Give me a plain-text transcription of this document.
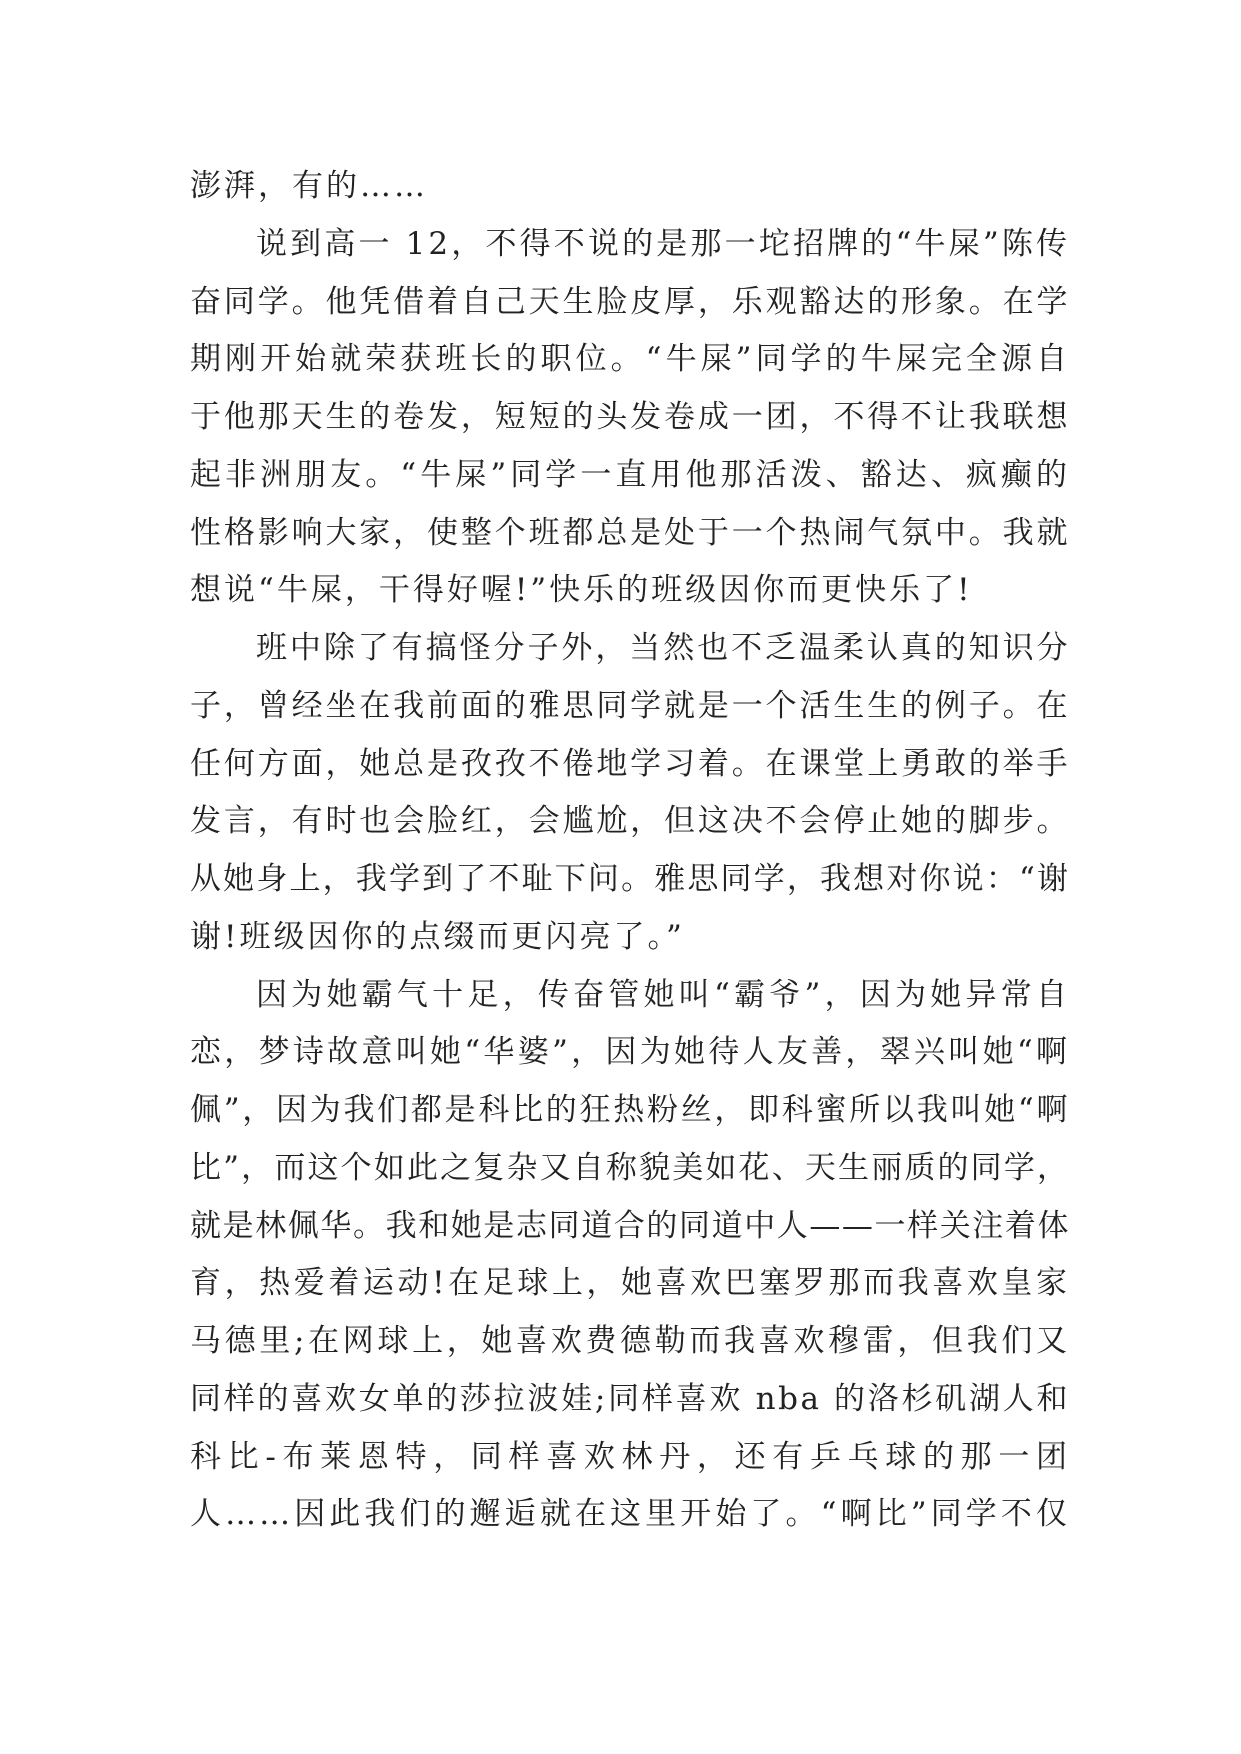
澎湃，有的……
说到高一 12，不得不说的是那一坨招牌的“牛屎”陈传
奋同学。他凭借着自己天生脸皮厚，乐观豁达的形象。在学
期刚开始就荣获班长的职位。“牛屎”同学的牛屎完全源自
于他那天生的卷发，短短的头发卷成一团，不得不让我联想
起非洲朋友。“牛屎”同学一直用他那活泼、豁达、疯癫的
性格影响大家，使整个班都总是处于一个热闹气氛中。我就
想说“牛屎，干得好喔!”快乐的班级因你而更快乐了!
班中除了有搞怪分子外，当然也不乏温柔认真的知识分
子，曾经坐在我前面的雅思同学就是一个活生生的例子。在
任何方面，她总是孜孜不倦地学习着。在课堂上勇敢的举手
发言，有时也会脸红，会尴尬，但这决不会停止她的脚步。
从她身上，我学到了不耻下问。雅思同学，我想对你说：“谢
谢!班级因你的点缀而更闪亮了。”
因为她霸气十足，传奋管她叫“霸爷”，因为她异常自
恋，梦诗故意叫她“华婆”，因为她待人友善，翠兴叫她“啊
佩”，因为我们都是科比的狂热粉丝，即科蜜所以我叫她“啊
比”，而这个如此之复杂又自称貌美如花、天生丽质的同学，
就是林佩华。我和她是志同道合的同道中人——一样关注着体
育，热爱着运动!在足球上，她喜欢巴塞罗那而我喜欢皇家
马德里;在网球上，她喜欢费德勒而我喜欢穆雷，但我们又
同样的喜欢女单的莎拉波娃;同样喜欢 nba 的洛杉矶湖人和
科比-布莱恩特，同样喜欢林丹，还有乒乓球的那一团
人……因此我们的邂逅就在这里开始了。“啊比”同学不仅
